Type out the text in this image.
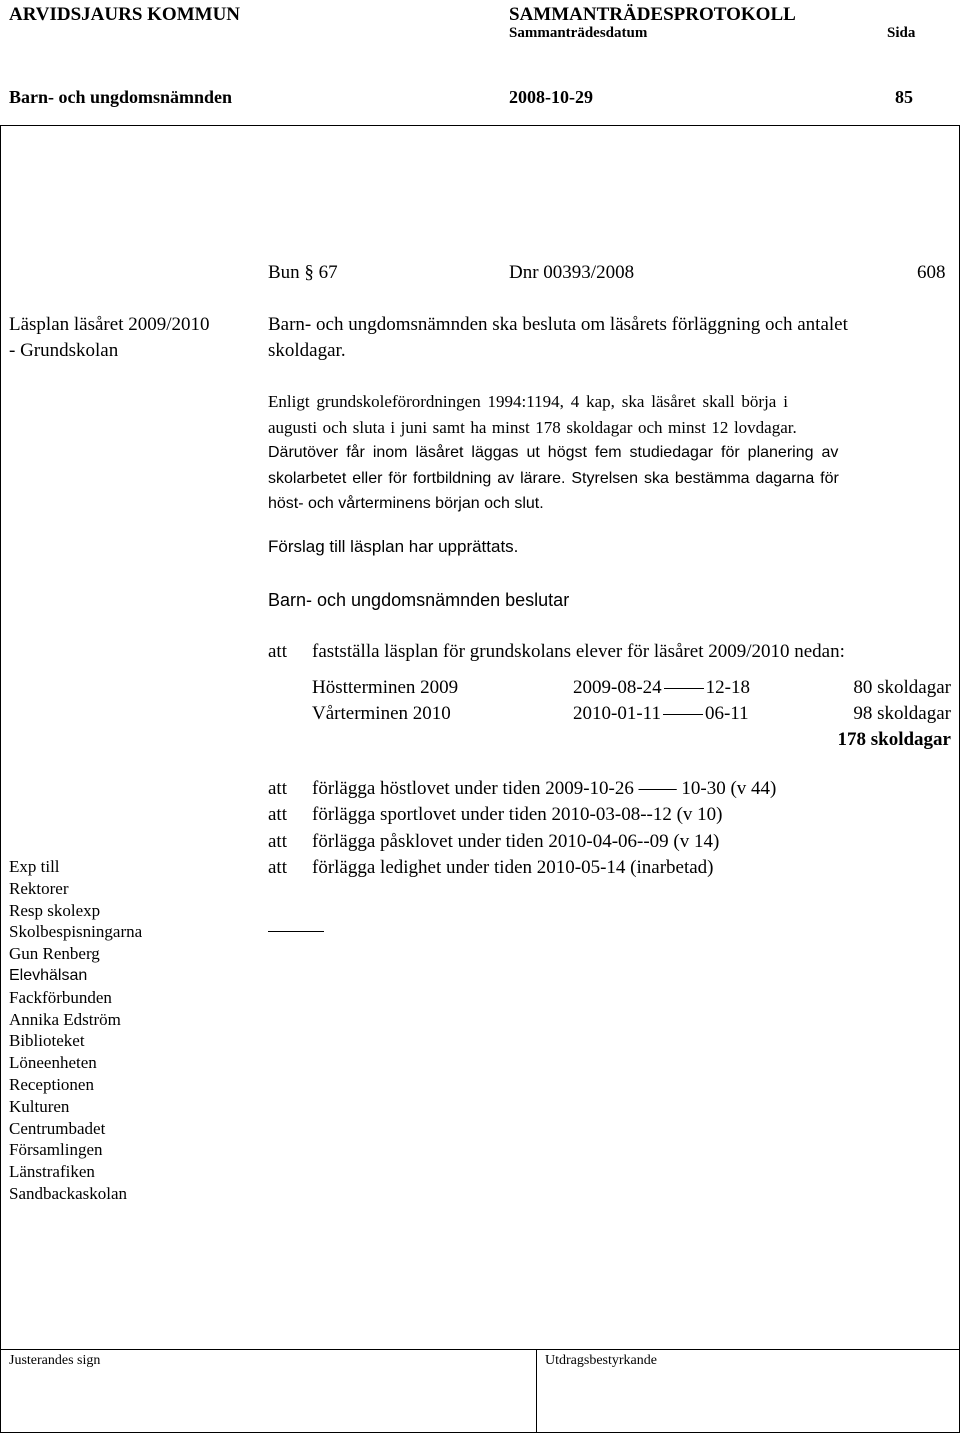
ARVIDSJAURS KOMMUN	SAMMANTRÄDESPROTOKOLL
Sammanträdesdatum	Sida
Barn- och ungdomsnämnden	2008-10-29	85
Bun § 67	Dnr 00393/2008	608
Läsplan läsåret 2009/2010
- Grundskolan
Barn- och ungdomsnämnden ska besluta om läsårets förläggning och antalet
skoldagar.
Enligt grundskoleförordningen 1994:1194, 4 kap, ska läsåret skall börja i
augusti och sluta i juni samt ha minst 178 skoldagar och minst 12 lovdagar.
Därutöver får inom läsåret läggas ut högst fem studiedagar för planering av
skolarbetet eller för fortbildning av lärare. Styrelsen ska bestämma dagarna för
höst- och vårterminens början och slut.
Förslag till läsplan har upprättats.
Barn- och ungdomsnämnden beslutar
att fastställa läsplan för grundskolans elever för läsåret 2009/2010 nedan:
Höstterminen 2009	2009-08-24 12-18	80 skoldagar
Vårterminen 2010	2010-01-11 06-11	98 skoldagar
178 skoldagar
att förlägga höstlovet under tiden 2009-10-26 —— 10-30 (v 44)
att förlägga sportlovet under tiden 2010-03-08--12 (v 10)
att förlägga påsklovet under tiden 2010-04-06--09 (v 14)
att förlägga ledighet under tiden 2010-05-14 (inarbetad)
Exp till
Rektorer
Resp skolexp
Skolbespisningarna
Gun Renberg
Elevhälsan
Fackförbunden
Annika Edström
Biblioteket
Löneenheten
Receptionen
Kulturen
Centrumbadet
Församlingen
Länstrafiken
Sandbackaskolan
Justerandes sign	Utdragsbestyrkande
